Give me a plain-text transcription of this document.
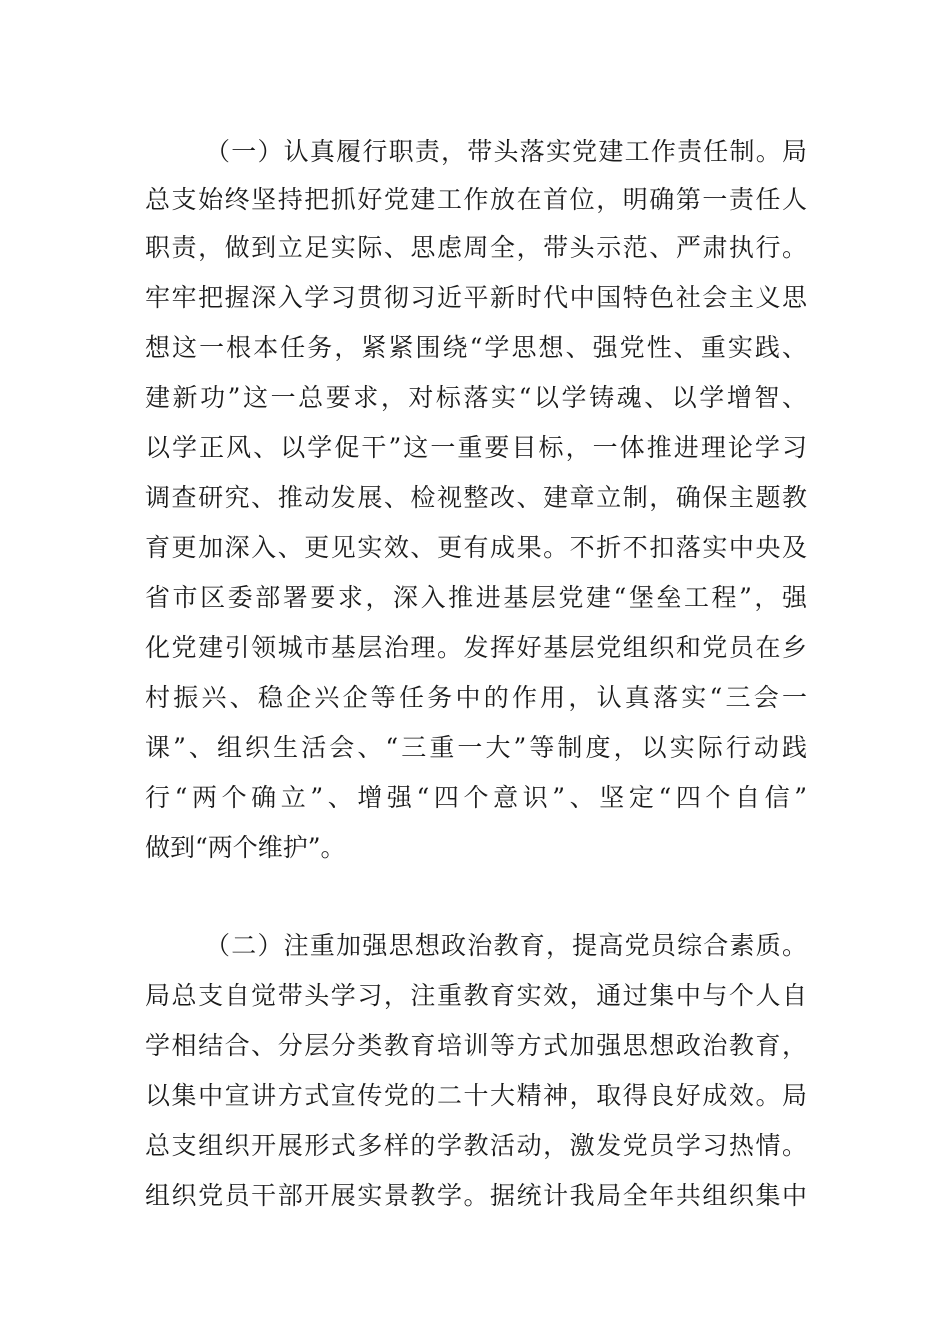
（一）认真履行职责，带头落实党建工作责任制。局
总支始终坚持把抓好党建工作放在首位，明确第一责任人
职责，做到立足实际、思虑周全，带头示范、严肃执行。
牢牢把握深入学习贯彻习近平新时代中国特色社会主义思
想这一根本任务，紧紧围绕“学思想、强党性、重实践、
建新功”这一总要求，对标落实“以学铸魂、以学增智、
以学正风、以学促干”这一重要目标，一体推进理论学习
调查研究、推动发展、检视整改、建章立制，确保主题教
育更加深入、更见实效、更有成果。不折不扣落实中央及
省市区委部署要求，深入推进基层党建“堡垒工程”，强
化党建引领城市基层治理。发挥好基层党组织和党员在乡
村振兴、稳企兴企等任务中的作用，认真落实“三会一
课”、组织生活会、“三重一大”等制度，以实际行动践
行“两个确立”、增强“四个意识”、坚定“四个自信”
做到“两个维护”。
（二）注重加强思想政治教育，提高党员综合素质。
局总支自觉带头学习，注重教育实效，通过集中与个人自
学相结合、分层分类教育培训等方式加强思想政治教育，
以集中宣讲方式宣传党的二十大精神，取得良好成效。局
总支组织开展形式多样的学教活动，激发党员学习热情。
组织党员干部开展实景教学。据统计我局全年共组织集中
